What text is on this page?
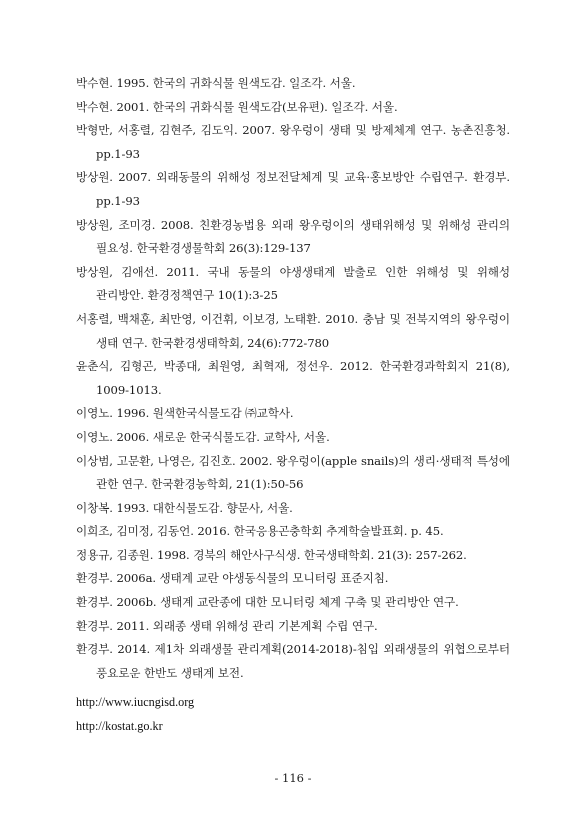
박수현. 1995. 한국의 귀화식물 원색도감. 일조각. 서울.
박수현. 2001. 한국의 귀화식물 원색도감(보유편). 일조각. 서울.
박형만, 서홍렬, 김현주, 김도익. 2007. 왕우렁이 생태 및 방제체계 연구. 농촌진흥청. pp.1-93
방상원. 2007. 외래동물의 위해성 정보전달체계 및 교육·홍보방안 수립연구. 환경부. pp.1-93
방상원, 조미경. 2008. 친환경농법용 외래 왕우렁이의 생태위해성 및 위해성 관리의 필요성. 한국환경생물학회 26(3):129-137
방상원, 김애선. 2011. 국내 동물의 야생생태계 발출로 인한 위해성 및 위해성 관리방안. 환경정책연구 10(1):3-25
서홍렬, 백채훈, 최만영, 이건휘, 이보경, 노태환. 2010. 충남 및 전북지역의 왕우렁이 생태 연구. 한국환경생태학회, 24(6):772-780
윤춘식, 김형곤, 박종대, 최원영, 최혁재, 정선우. 2012. 한국환경과학회지 21(8), 1009-1013.
이영노. 1996. 원색한국식물도감 ㈜교학사.
이영노. 2006. 새로운 한국식물도감. 교학사, 서울.
이상범, 고문환, 나영은, 김진호. 2002. 왕우렁이(apple snails)의 생리·생태적 특성에 관한 연구. 한국환경농학회, 21(1):50-56
이창복. 1993. 대한식물도감. 향문사, 서울.
이희조, 김미정, 김동언. 2016. 한국응용곤충학회 추계학술발표회. p. 45.
정용규, 김종원. 1998. 경북의 해안사구식생. 한국생태학회. 21(3): 257-262.
환경부. 2006a. 생태계 교란 야생동식물의 모니터링 표준지침.
환경부. 2006b. 생태계 교란종에 대한 모니터링 체계 구축 및 관리방안 연구.
환경부. 2011. 외래종 생태 위해성 관리 기본계획 수립 연구.
환경부. 2014. 제1차 외래생물 관리계획(2014-2018)-침입 외래생물의 위협으로부터 풍요로운 한반도 생태계 보전.
http://www.iucngisd.org
http://kostat.go.kr
- 116 -
